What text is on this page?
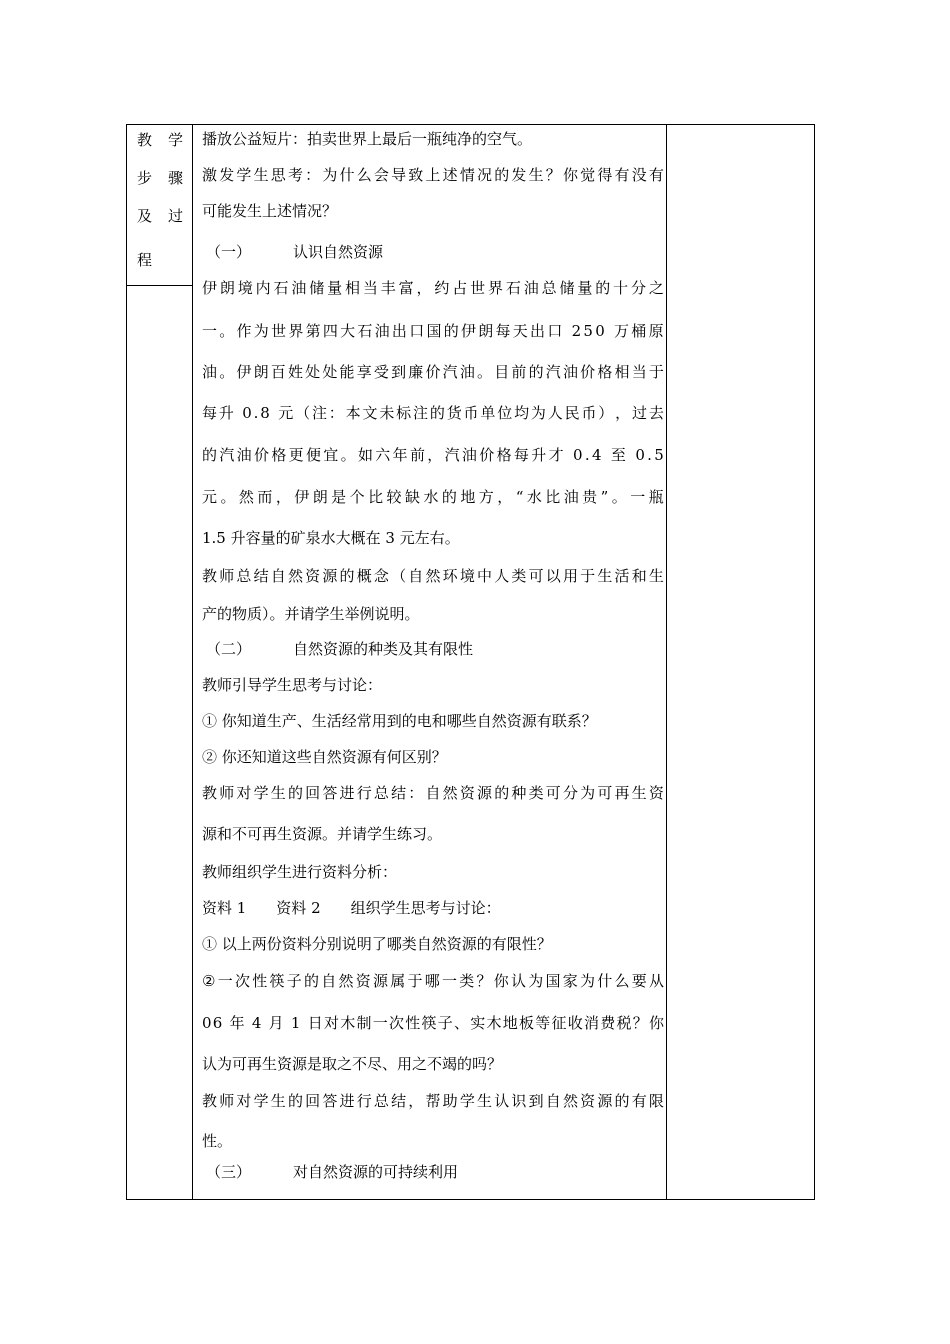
教 学
步 骤
及 过
程
播放公益短片：拍卖世界上最后一瓶纯净的空气。
激 发 学 生 思 考 ： 为 什 么 会 导 致 上 述 情 况 的 发 生 ？ 你 觉 得 有 没 有
可能发生上述情况？
（一）	认识自然资源
伊 朗 境 内 石 油 储 量 相 当 丰 富 ， 约 占 世 界 石 油 总 储 量 的 十 分 之
一 。 作 为 世 界 第 四 大 石 油 出 口 国 的 伊 朗 每 天 出 口
2 5 0
万 桶 原
油 。 伊 朗 百 姓 处 处 能 享 受 到 廉 价 汽 油 。 目 前 的 汽 油 价 格 相 当 于
每 升
0 . 8
元 （ 注 ： 本 文 未 标 注 的 货 币 单 位 均 为 人 民 币 ） ， 过 去
的 汽 油 价 格 更 便 宜 。 如 六 年 前 ， 汽 油 价 格 每 升 才
0 . 4
至
0 . 5
元 。 然 而 ， 伊 朗 是 个 比 较 缺 水 的 地 方 ， “ 水 比 油 贵 ” 。 一 瓶
1.5 升容量的矿泉水大概在 3 元左右。
教 师 总 结 自 然 资 源 的 概 念 （ 自 然 环 境 中 人 类 可 以 用 于 生 活 和 生
产的物质）。并请学生举例说明。
（二）	自然资源的种类及其有限性
教师引导学生思考与讨论：
① 你知道生产、生活经常用到的电和哪些自然资源有联系？
② 你还知道这些自然资源有何区别？
教 师 对 学 生 的 回 答 进 行 总 结 ： 自 然 资 源 的 种 类 可 分 为 可 再 生 资
源和不可再生资源。并请学生练习。
教师组织学生进行资料分析：
资料 1　　资料 2　　组织学生思考与讨论：
① 以上两份资料分别说明了哪类自然资源的有限性？
② 一 次 性 筷 子 的 自 然 资 源 属 于 哪 一 类 ？ 你 认 为 国 家 为 什 么 要 从
0 6
年
4
月
1
日 对 木 制 一 次 性 筷 子 、 实 木 地 板 等 征 收 消 费 税 ？ 你
认为可再生资源是取之不尽、用之不竭的吗？
教 师 对 学 生 的 回 答 进 行 总 结 ， 帮 助 学 生 认 识 到 自 然 资 源 的 有 限
性。
（三）	对自然资源的可持续利用
